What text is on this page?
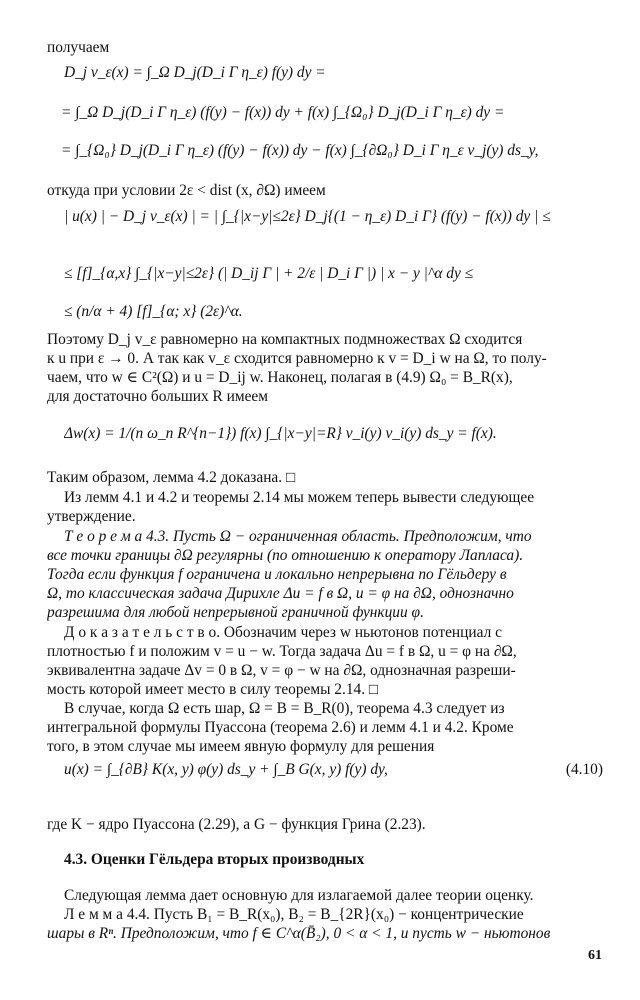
получаем
D_j v_ε(x) = ∫_Ω D_j(D_i Γ η_ε) f(y) dy =
= ∫_Ω D_j(D_i Γ η_ε) (f(y) − f(x)) dy + f(x) ∫_{Ω₀} D_j(D_i Γ η_ε) dy =
= ∫_{Ω₀} D_j(D_i Γ η_ε) (f(y) − f(x)) dy − f(x) ∫_{∂Ω₀} D_i Γ η_ε ν_j(y) ds_y,
откуда при условии 2ε < dist (x, ∂Ω) имеем
| u(x) | − D_j v_ε(x) | = | ∫_{|x−y|≤2ε} D_j{(1 − η_ε) D_i Γ} (f(y) − f(x)) dy | ≤
≤ [f]_{α,x} ∫_{|x−y|≤2ε} (| D_ij Γ | + 2/ε | D_i Γ |) | x − y |^α dy ≤
≤ (n/α + 4) [f]_{α; x} (2ε)^α.
Поэтому D_j v_ε равномерно на компактных подмножествах Ω сходится
к u при ε → 0. А так как v_ε сходится равномерно к v = D_i w на Ω, то полу-
чаем, что w ∈ C²(Ω) и u = D_ij w. Наконец, полагая в (4.9) Ω₀ = B_R(x),
для достаточно больших R имеем
Δw(x) = 1/(n ω_n R^{n−1}) f(x) ∫_{|x−y|=R} ν_i(y) ν_i(y) ds_y = f(x).
Таким образом, лемма 4.2 доказана. □
Из лемм 4.1 и 4.2 и теоремы 2.14 мы можем теперь вывести следующее
утверждение.
Т е о р е м а 4.3. Пусть Ω − ограниченная область. Предположим, что
все точки границы ∂Ω регулярны (по отношению к оператору Лапласа).
Тогда если функция f ограничена и локально непрерывна по Гёльдеру в
Ω, то классическая задача Дирихле Δu = f в Ω, u = φ на ∂Ω, однозначно
разрешима для любой непрерывной граничной функции φ.
Д о к а з а т е л ь с т в о. Обозначим через w ньютонов потенциал с
плотностью f и положим v = u − w. Тогда задача Δu = f в Ω, u = φ на ∂Ω,
эквивалентна задаче Δv = 0 в Ω, v = φ − w на ∂Ω, однозначная разреши-
мость которой имеет место в силу теоремы 2.14. □
В случае, когда Ω есть шар, Ω = B = B_R(0), теорема 4.3 следует из
интегральной формулы Пуассона (теорема 2.6) и лемм 4.1 и 4.2. Кроме
того, в этом случае мы имеем явную формулу для решения
u(x) = ∫_{∂B} K(x, y) φ(y) ds_y + ∫_B G(x, y) f(y) dy,	(4.10)
где K − ядро Пуассона (2.29), а G − функция Грина (2.23).
4.3. Оценки Гёльдера вторых производных
Следующая лемма дает основную для излагаемой далее теории оценку.
Л е м м а 4.4. Пусть B₁ = B_R(x₀), B₂ = B_{2R}(x₀) − концентрические
шары в Rⁿ. Предположим, что f ∈ C^α(B̄₂), 0 < α < 1, и пусть w − ньютонов
61
